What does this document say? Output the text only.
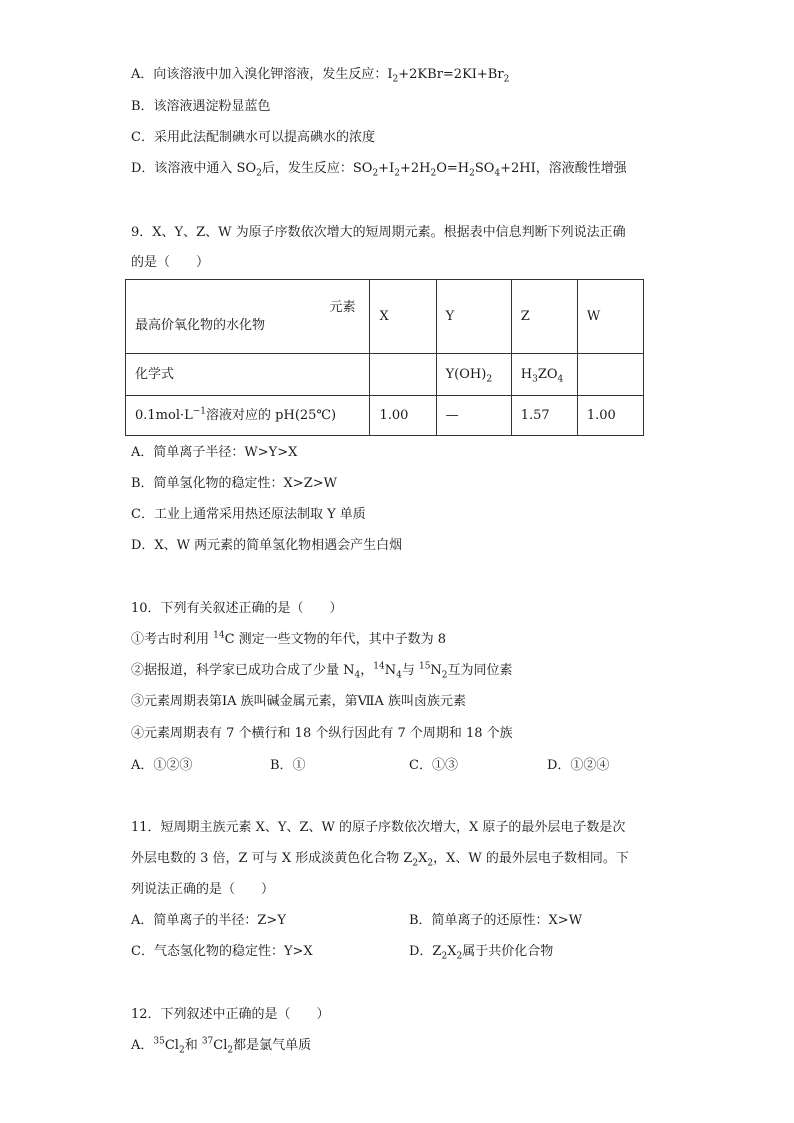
A．向该溶液中加入溴化钾溶液，发生反应：$I_2+2KBr=2KI+Br_2$
B．该溶液遇淀粉显蓝色
C．采用此法配制碘水可以提高碘水的浓度
D．该溶液中通入 $SO_2$后，发生反应：$SO_2+I_2+2H_2O=H_2SO_4+2HI$，溶液酸性增强
9．X、Y、Z、W 为原子序数依次增大的短周期元素。根据表中信息判断下列说法正确
的是（　　）
元素
最高价氧化物的水化物	X	Y	Z	W
化学式		$Y(OH)_2$	$H_3ZO_4$	
$0.1mol\cdot L^{-1}$溶液对应的 pH(25℃)	1.00	—	1.57	1.00
A．简单离子半径：W>Y>X
B．简单氢化物的稳定性：X>Z>W
C．工业上通常采用热还原法制取 Y 单质
D．X、W 两元素的简单氢化物相遇会产生白烟
10．下列有关叙述正确的是（　　）
①考古时利用 $^{14}$C 测定一些文物的年代，其中子数为 8
②据报道，科学家已成功合成了少量 $N_4$，$^{14}N_4$与 $^{15}N_2$互为同位素
③元素周期表第ⅠA 族叫碱金属元素，第ⅦA 族叫卤族元素
④元素周期表有 7 个横行和 18 个纵行因此有 7 个周期和 18 个族
A．①②③	B．①	C．①③	D．①②④
11．短周期主族元素 X、Y、Z、W 的原子序数依次增大，X 原子的最外层电子数是次
外层电数的 3 倍，Z 可与 X 形成淡黄色化合物 $Z_2X_2$，X、W 的最外层电子数相同。下
列说法正确的是（　　）
A．简单离子的半径：Z>Y	B．简单离子的还原性：X>W
C．气态氢化物的稳定性：Y>X	D．$Z_2X_2$属于共价化合物
12．下列叙述中正确的是（　　）
A．$^{35}Cl_2$和 $^{37}Cl_2$都是氯气单质
